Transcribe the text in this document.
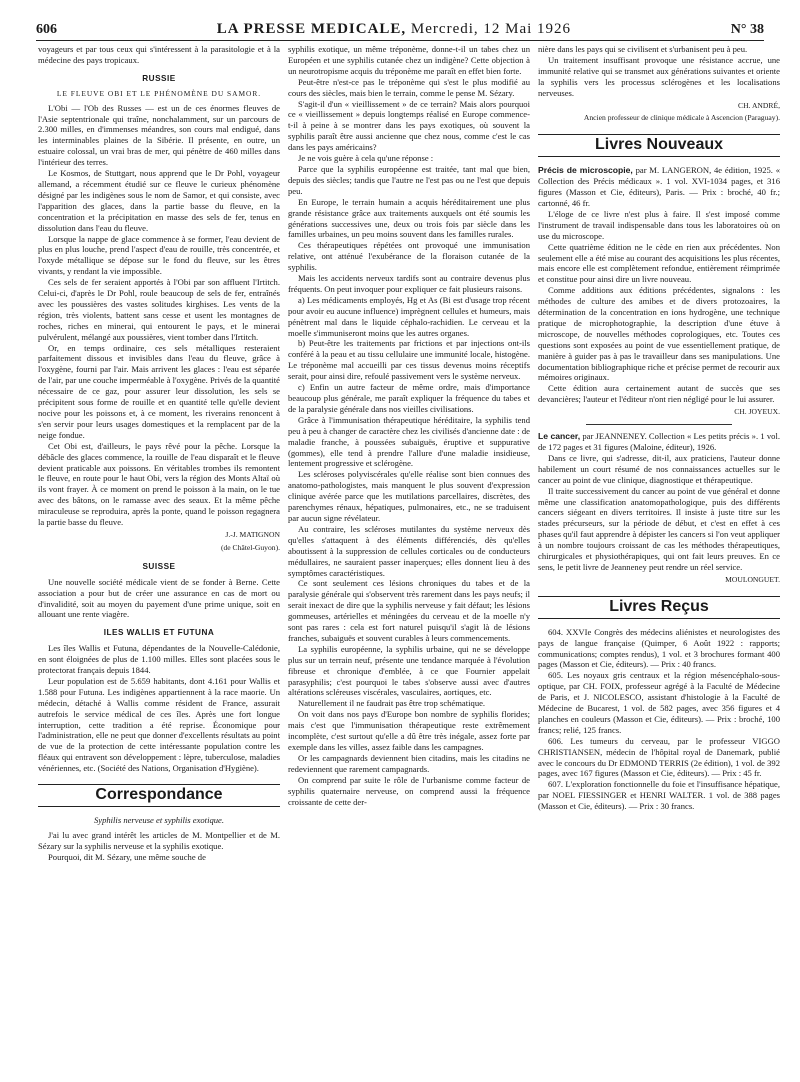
606	LA PRESSE MEDICALE, Mercredi, 12 Mai 1926	N° 38

voyageurs et par tous ceux qui s'intéressent à la parasitologie et à la médecine des pays tropicaux.

RUSSIE
LE FLEUVE OBI ET LE PHÉNOMÈNE DU SAMOR.

L'Obi — l'Ob des Russes — est un de ces énormes fleuves de l'Asie septentrionale qui traîne, nonchalamment, sur un parcours de 2.300 milles, en d'immenses méandres, son cours mal endigué, dans les interminables plaines de la Sibérie. Il présente, en outre, un estuaire colossal, un vrai bras de mer, qui pénètre de 460 milles dans l'intérieur des terres.

Le Kosmos, de Stuttgart, nous apprend que le Dr Pohl, voyageur allemand, a récemment étudié sur ce fleuve le curieux phénomène désigné par les indigènes sous le nom de Samor, et qui consiste, avec l'apparition des glaces, dans la partie basse du fleuve, en la concentration et la précipitation en masse des sels de fer, tenus en dissolution dans l'eau du fleuve.

Lorsque la nappe de glace commence à se former, l'eau devient de plus en plus louche, prend l'aspect d'eau de rouille, très concentrée, et l'oxyde métallique se dépose sur le fond du fleuve, sur les êtres vivants, y rendant la vie impossible.

Ces sels de fer seraient apportés à l'Obi par son affluent l'Irtitch. Celui-ci, d'après le Dr Pohl, roule beaucoup de sels de fer, entraînés avec les poussières des vastes solitudes kirghises. Les vents de la région, très violents, battent sans cesse et usent les montagnes de roches, riches en minerai, qui entourent le pays, et le minerai pulvérulent, mélangé aux poussières, vient tomber dans l'Irtitch.

Or, en temps ordinaire, ces sels métalliques resteraient parfaitement dissous et invisibles dans l'eau du fleuve, grâce à l'oxygène, fourni par l'air. Mais arrivent les glaces : l'eau est séparée de l'air, par une couche imperméable à l'oxygène. Privés de la quantité nécessaire de ce gaz, pour assurer leur dissolution, les sels se précipitent sous forme de rouille et en quantité telle qu'elle devient nocive pour les poissons et, à ce moment, les riverains renoncent à s'en servir pour leurs usages domestiques et la remplacent par de la neige fondue.

Cet Obi est, d'ailleurs, le pays rêvé pour la pêche. Lorsque la débâcle des glaces commence, la rouille de l'eau disparaît et le fleuve devient praticable aux poissons. En véritables trombes ils remontent le fleuve, en route pour le haut Obi, vers la région des Monts Altaï où ils vont frayer. À ce moment on prend le poisson à la main, on le tue avec des bâtons, on le ramasse avec des seaux. Et la même pêche miraculeuse se reproduira, après la ponte, quand le poisson regagnera la partie basse du fleuve.

J.-J. MATIGNON
(de Châtel-Guyon).
SUISSE

Une nouvelle société médicale vient de se fonder à Berne. Cette association a pour but de créer une assurance en cas de mort ou d'invalidité, soit au moyen du payement d'une prime unique, soit en allouant une rente viagère.

ILES WALLIS ET FUTUNA

Les îles Wallis et Futuna, dépendantes de la Nouvelle-Calédonie, en sont éloignées de plus de 1.100 milles. Elles sont placées sous le protectorat français depuis 1844.

Leur population est de 5.659 habitants, dont 4.161 pour Wallis et 1.588 pour Futuna. Les indigènes appartiennent à la race maorie. Un médecin, détaché à Wallis comme résident de France, assurait autrefois le service médical de ces îles. Après une fort longue interruption, cette tradition a été reprise. Économique pour l'administration, elle ne peut que donner d'excellents résultats au point de vue de la protection de cette intéressante population contre les fléaux qui entravent son développement : lèpre, tuberculose, maladies vénériennes, etc. (Société des Nations, Organisation d'Hygiène).

Correspondance
Syphilis nerveuse et syphilis exotique.

J'ai lu avec grand intérêt les articles de M. Montpellier et de M. Sézary sur la syphilis nerveuse et la syphilis exotique.

Pourquoi, dit M. Sézary, une même souche de

syphilis exotique, un même tréponème, donne-t-il un tabes chez un Européen et une syphilis cutanée chez un indigène? Cette objection à un neurotropisme acquis du tréponème me paraît en effet bien forte.

Peut-être n'est-ce pas le tréponème qui s'est le plus modifié au cours des siècles, mais bien le terrain, comme le pense M. Sézary.

S'agit-il d'un « vieillissement » de ce terrain? Mais alors pourquoi ce « vieillissement » depuis longtemps réalisé en Europe commence-t-il à peine à se montrer dans les pays exotiques, où souvent la syphilis paraît être aussi ancienne que chez nous, comme c'est le cas dans les pays américains?

Je ne vois guère à cela qu'une réponse :

Parce que la syphilis européenne est traitée, tant mal que bien, depuis des siècles; tandis que l'autre ne l'est pas ou ne l'est que depuis peu.

En Europe, le terrain humain a acquis héréditairement une plus grande résistance grâce aux traitements auxquels ont été soumis les générations successives une, deux ou trois fois par siècle dans les familles urbaines, un peu moins souvent dans les familles rurales.

Ces thérapeutiques répétées ont provoqué une immunisation relative, ont atténué l'exubérance de la floraison cutanée de la syphilis.

Mais les accidents nerveux tardifs sont au contraire devenus plus fréquents. On peut invoquer pour expliquer ce fait plusieurs raisons.

a) Les médicaments employés, Hg et As (Bi est d'usage trop récent pour avoir eu aucune influence) imprègnent cellules et humeurs, mais pénètrent mal dans le liquide céphalo-rachidien. Le cerveau et la moelle s'immuniseront moins que les autres organes.

b) Peut-être les traitements par frictions et par injections ont-ils conféré à la peau et au tissu cellulaire une immunité locale, histogène. Le tréponème mal accueilli par ces tissus devenus moins réceptifs serait, pour ainsi dire, refoulé passivement vers le système nerveux.

c) Enfin un autre facteur de même ordre, mais d'importance beaucoup plus générale, me paraît expliquer la fréquence du tabes et de la paralysie générale dans nos vieilles civilisations.

Grâce à l'immunisation thérapeutique héréditaire, la syphilis tend peu à peu à changer de caractère chez les civilisés d'ancienne date : de maladie franche, à poussées subaiguës, éruptive et suppurative (gommes), elle tend à prendre l'allure d'une maladie insidieuse, lentement progressive et sclérogène.

Les scléroses polyviscérales qu'elle réalise sont bien connues des anatomo-pathologistes, mais manquent le plus souvent d'expression clinique avérée parce que les mutilations parcellaires, discrètes, des parenchymes rénaux, hépatiques, pulmonaires, etc., ne se traduisent par aucun signe révélateur.

Au contraire, les scléroses mutilantes du système nerveux dès qu'elles s'attaquent à des éléments différenciés, dès qu'elles aboutissent à la suppression de cellules corticales ou de conducteurs médullaires, ne sauraient passer inaperçues; elles donnent lieu à des symptômes caractéristiques.

Ce sont seulement ces lésions chroniques du tabes et de la paralysie générale qui s'observent très rarement dans les pays neufs; il serait inexact de dire que la syphilis nerveuse y fait défaut; les lésions gommeuses, artérielles et méningées du cerveau et de la moelle n'y sont pas rares : cela est fort naturel puisqu'il s'agit là de lésions franches, subaiguës et souvent curables à leurs commencements.

La syphilis européenne, la syphilis urbaine, qui ne se développe plus sur un terrain neuf, présente une tendance marquée à l'évolution fibreuse et chronique d'emblée, à ce que Fournier appelait parasyphilis; c'est pourquoi le tabes s'observe aussi avec d'autres altérations scléreuses viscérales, vasculaires, aortiques, etc.

Naturellement il ne faudrait pas être trop schématique.

On voit dans nos pays d'Europe bon nombre de syphilis florides; mais c'est que l'immunisation thérapeutique reste extrêmement incomplète, c'est surtout qu'elle a dû être très inégale, assez forte par exemple dans les villes, assez faible dans les campagnes.

Or les campagnards deviennent bien citadins, mais les citadins ne redeviennent que rarement campagnards.

On comprend par suite le rôle de l'urbanisme comme facteur de syphilis quaternaire nerveuse, on comprend aussi la fréquence croissante de cette der-

nière dans les pays qui se civilisent et s'urbanisent peu à peu.

Un traitement insuffisant provoque une résistance accrue, une immunité relative qui se transmet aux générations suivantes et oriente la syphilis vers les processus sclérogènes et les localisations nerveuses.

CH. ANDRÉ,
Ancien professeur de clinique médicale à Ascencion (Paraguay).
Livres Nouveaux

Précis de microscopie, par M. LANGERON, 4e édition, 1925. « Collection des Précis médicaux ». 1 vol. XVI-1034 pages, et 316 figures (Masson et Cie, éditeurs), Paris. — Prix : broché, 40 fr.; cartonné, 46 fr.

L'éloge de ce livre n'est plus à faire. Il s'est imposé comme l'instrument de travail indispensable dans tous les laboratoires où on use du microscope.

Cette quatrième édition ne le cède en rien aux précédentes. Non seulement elle a été mise au courant des acquisitions les plus récentes, mais encore elle est complètement refondue, entièrement réimprimée et constitue pour ainsi dire un livre nouveau.

Comme additions aux éditions précédentes, signalons : les méthodes de culture des amibes et de divers protozoaires, la détermination de la concentration en ions hydrogène, une technique pratique de microphotographie, la description d'une étuve à microscope, de nouvelles méthodes coprologiques, etc. Toutes ces questions sont exposées au point de vue essentiellement pratique, de manière à guider pas à pas le travailleur dans ses manipulations. Une documentation bibliographique riche et précise permet de recourir aux mémoires originaux.

Cette édition aura certainement autant de succès que ses devancières; l'auteur et l'éditeur n'ont rien négligé pour le lui assurer.

CH. JOYEUX.

Le cancer, par JEANNENEY. Collection « Les petits précis ». 1 vol. de 172 pages et 31 figures (Maloine, éditeur), 1926.

Dans ce livre, qui s'adresse, dit-il, aux praticiens, l'auteur donne habilement un court résumé de nos connaissances actuelles sur le cancer au point de vue clinique, diagnostique et thérapeutique.

Il traite successivement du cancer au point de vue général et donne même une classification anatomopathologique, puis des différents cancers siégeant en divers territoires. Il insiste à juste titre sur les stades précurseurs, sur la période de début, et c'est en effet à ces phases qu'il faut apprendre à dépister les cancers si l'on veut appliquer à un nombre toujours croissant de cas les méthodes thérapeutiques, chirurgicales et physiothérapiques, qui ont fait leurs preuves. En ce sens, le petit livre de Jeanneney peut rendre un réel service.

MOULONGUET.
Livres Reçus

604. XXVIe Congrès des médecins aliénistes et neurologistes des pays de langue française (Quimper, 6 Août 1922 : rapports; communications; comptes rendus), 1 vol. et 3 brochures formant 400 pages (Masson et Cie, éditeurs). — Prix : 40 francs.

605. Les noyaux gris centraux et la région mésencéphalo-sous-optique, par CH. FOIX, professeur agrégé à la Faculté de Médecine de Paris, et J. NICOLESCO, assistant d'histologie à la Faculté de Médecine de Bucarest, 1 vol. de 582 pages, avec 356 figures et 4 planches en couleurs (Masson et Cie, éditeurs). — Prix : broché, 100 francs; relié, 125 francs.

606. Les tumeurs du cerveau, par le professeur VIGGO CHRISTIANSEN, médecin de l'hôpital royal de Danemark, publié avec le concours du Dr EDMOND TERRIS (2e édition), 1 vol. de 392 pages, avec 167 figures (Masson et Cie, éditeurs). — Prix : 45 fr.

607. L'exploration fonctionnelle du foie et l'insuffisance hépatique, par NOEL FIESSINGER et HENRI WALTER. 1 vol. de 388 pages (Masson et Cie, éditeurs). — Prix : 30 francs.
